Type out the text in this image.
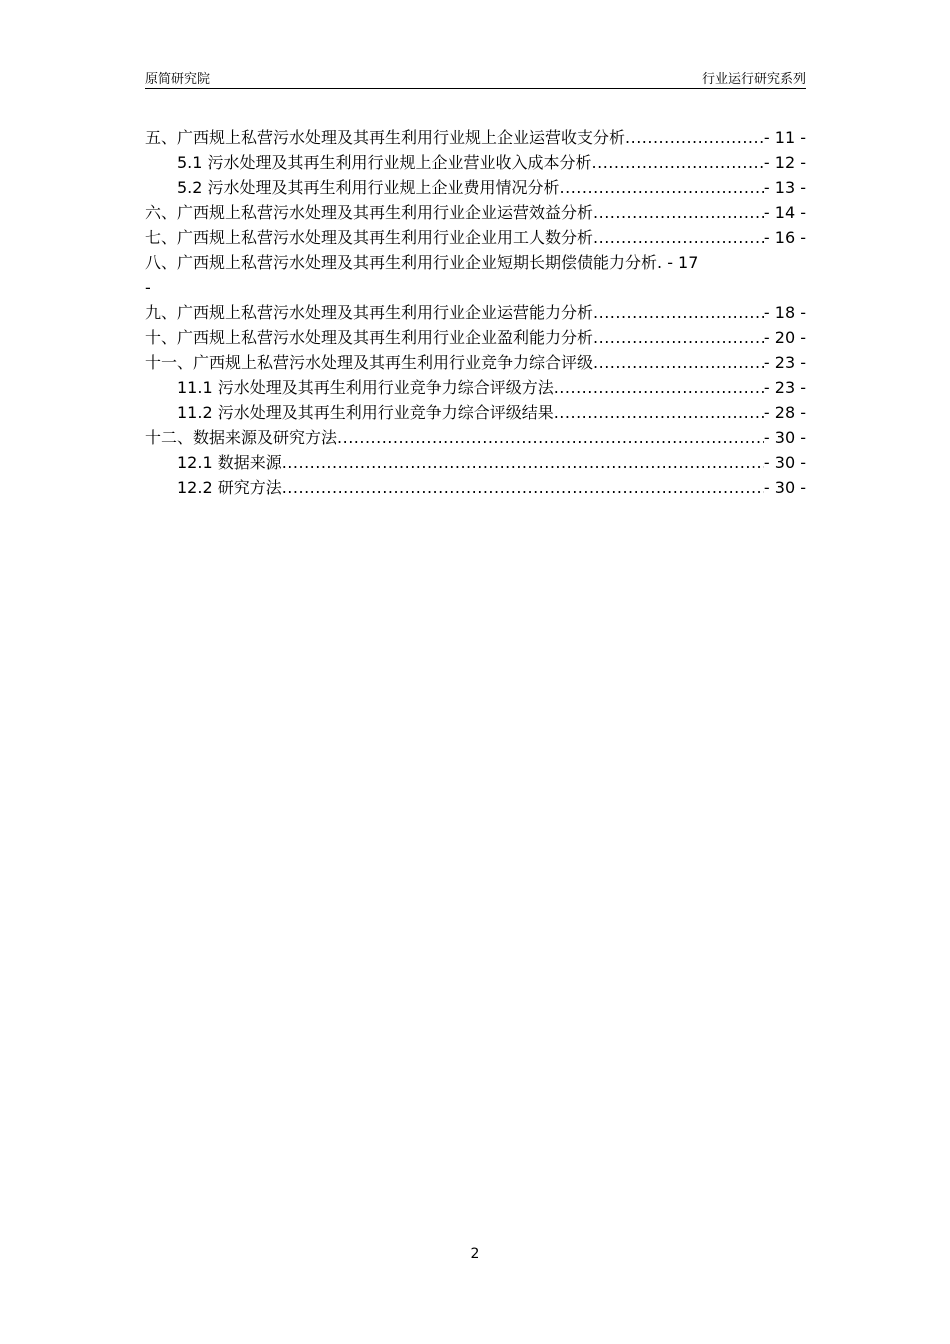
原简研究院	行业运行研究系列
五、广西规上私营污水处理及其再生利用行业规上企业运营收支分析 .....	- 11 -
5.1 污水处理及其再生利用行业规上企业营业收入成本分析 .....	- 12 -
5.2 污水处理及其再生利用行业规上企业费用情况分析 .....	- 13 -
六、广西规上私营污水处理及其再生利用行业企业运营效益分析 .....	- 14 -
七、广西规上私营污水处理及其再生利用行业企业用工人数分析 .....	- 16 -
八、广西规上私营污水处理及其再生利用行业企业短期长期偿债能力分析 . - 17
-
九、广西规上私营污水处理及其再生利用行业企业运营能力分析 .....	- 18 -
十、广西规上私营污水处理及其再生利用行业企业盈利能力分析 .....	- 20 -
十一、广西规上私营污水处理及其再生利用行业竞争力综合评级 .....	- 23 -
11.1 污水处理及其再生利用行业竞争力综合评级方法 .....	- 23 -
11.2 污水处理及其再生利用行业竞争力综合评级结果 .....	- 28 -
十二、数据来源及研究方法 .....	- 30 -
12.1 数据来源 .....	- 30 -
12.2 研究方法 .....	- 30 -
2
